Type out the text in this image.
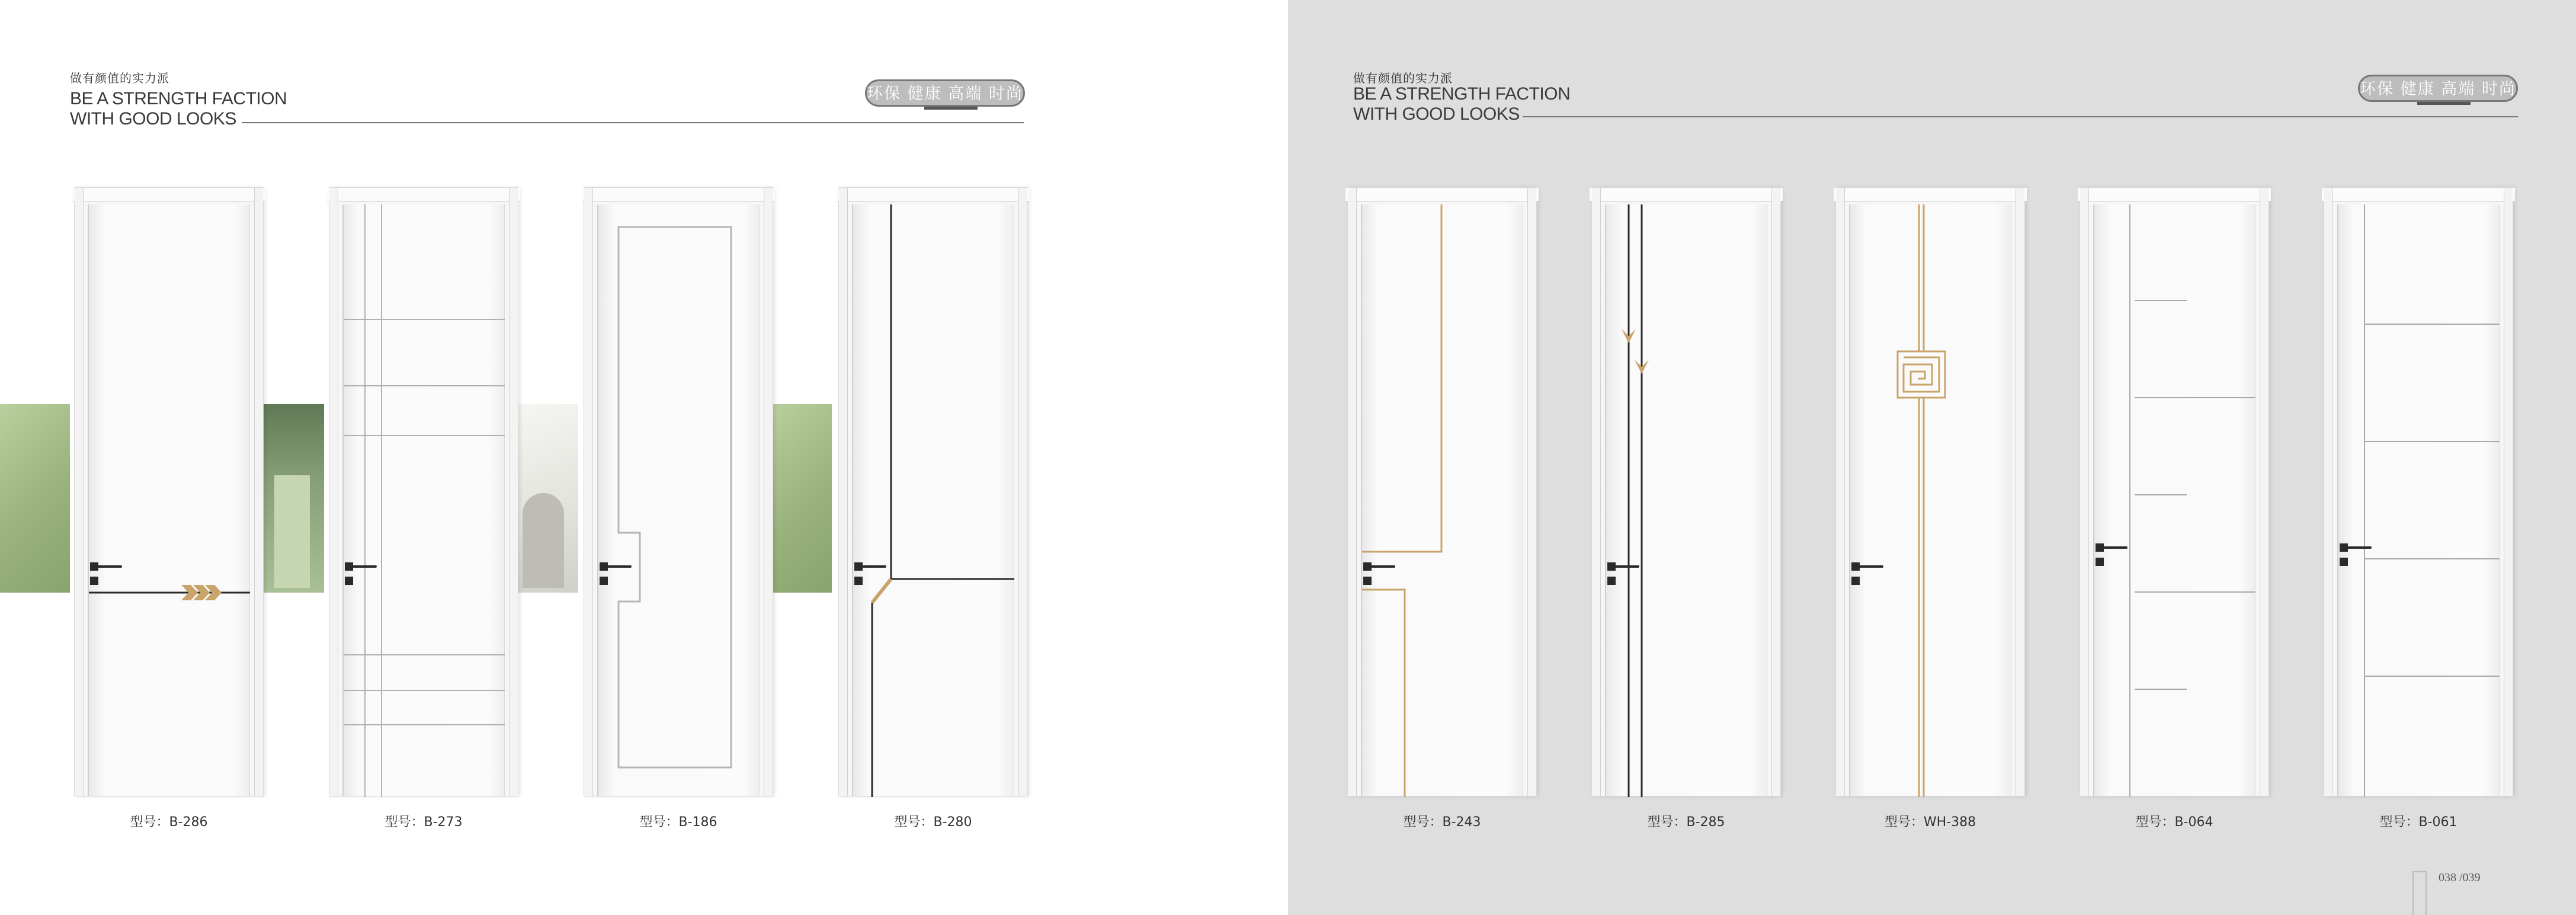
做有颜值的实力派
BE A STRENGTH FACTION
WITH GOOD LOOKS
环保 健康 高端 时尚
型号：B-286	型号：B-273	型号：B-186	型号：B-280
做有颜值的实力派
BE A STRENGTH FACTION
WITH GOOD LOOKS
环保 健康 高端 时尚
型号：B-243	型号：B-285	型号：WH-388	型号：B-064	型号：B-061
038 /039
